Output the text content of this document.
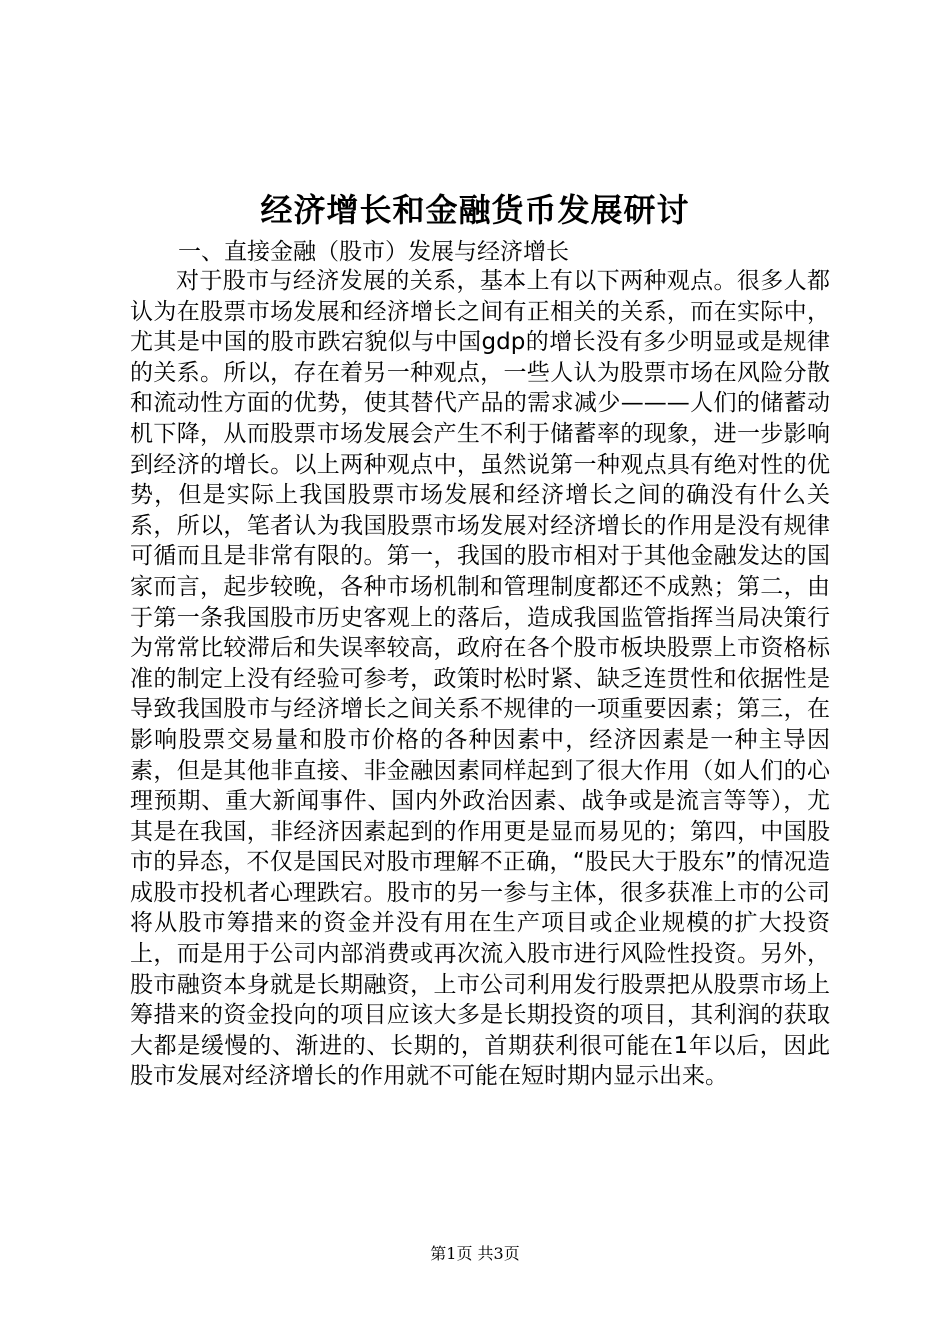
经济增长和金融货币发展研讨
一、直接金融（股市）发展与经济增长

对于股市与经济发展的关系，基本上有以下两种观点。很多人都认为在股票市场发展和经济增长之间有正相关的关系，而在实际中，尤其是中国的股市跌宕貌似与中国gdp的增长没有多少明显或是规律的关系。所以，存在着另一种观点，一些人认为股票市场在风险分散和流动性方面的优势，使其替代产品的需求减少———人们的储蓄动机下降，从而股票市场发展会产生不利于储蓄率的现象，进一步影响到经济的增长。以上两种观点中，虽然说第一种观点具有绝对性的优势，但是实际上我国股票市场发展和经济增长之间的确没有什么关系，所以，笔者认为我国股票市场发展对经济增长的作用是没有规律可循而且是非常有限的。第一，我国的股市相对于其他金融发达的国家而言，起步较晚，各种市场机制和管理制度都还不成熟；第二，由于第一条我国股市历史客观上的落后，造成我国监管指挥当局决策行为常常比较滞后和失误率较高，政府在各个股市板块股票上市资格标准的制定上没有经验可参考，政策时松时紧、缺乏连贯性和依据性是导致我国股市与经济增长之间关系不规律的一项重要因素；第三，在影响股票交易量和股市价格的各种因素中，经济因素是一种主导因素，但是其他非直接、非金融因素同样起到了很大作用（如人们的心理预期、重大新闻事件、国内外政治因素、战争或是流言等等），尤其是在我国，非经济因素起到的作用更是显而易见的；第四，中国股市的异态，不仅是国民对股市理解不正确，“股民大于股东”的情况造成股市投机者心理跌宕。股市的另一参与主体，很多获准上市的公司将从股市筹措来的资金并没有用在生产项目或企业规模的扩大投资上，而是用于公司内部消费或再次流入股市进行风险性投资。另外，股市融资本身就是长期融资，上市公司利用发行股票把从股票市场上筹措来的资金投向的项目应该大多是长期投资的项目，其利润的获取大都是缓慢的、渐进的、长期的，首期获利很可能在1年以后，因此股市发展对经济增长的作用就不可能在短时期内显示出来。

第1页 共3页
